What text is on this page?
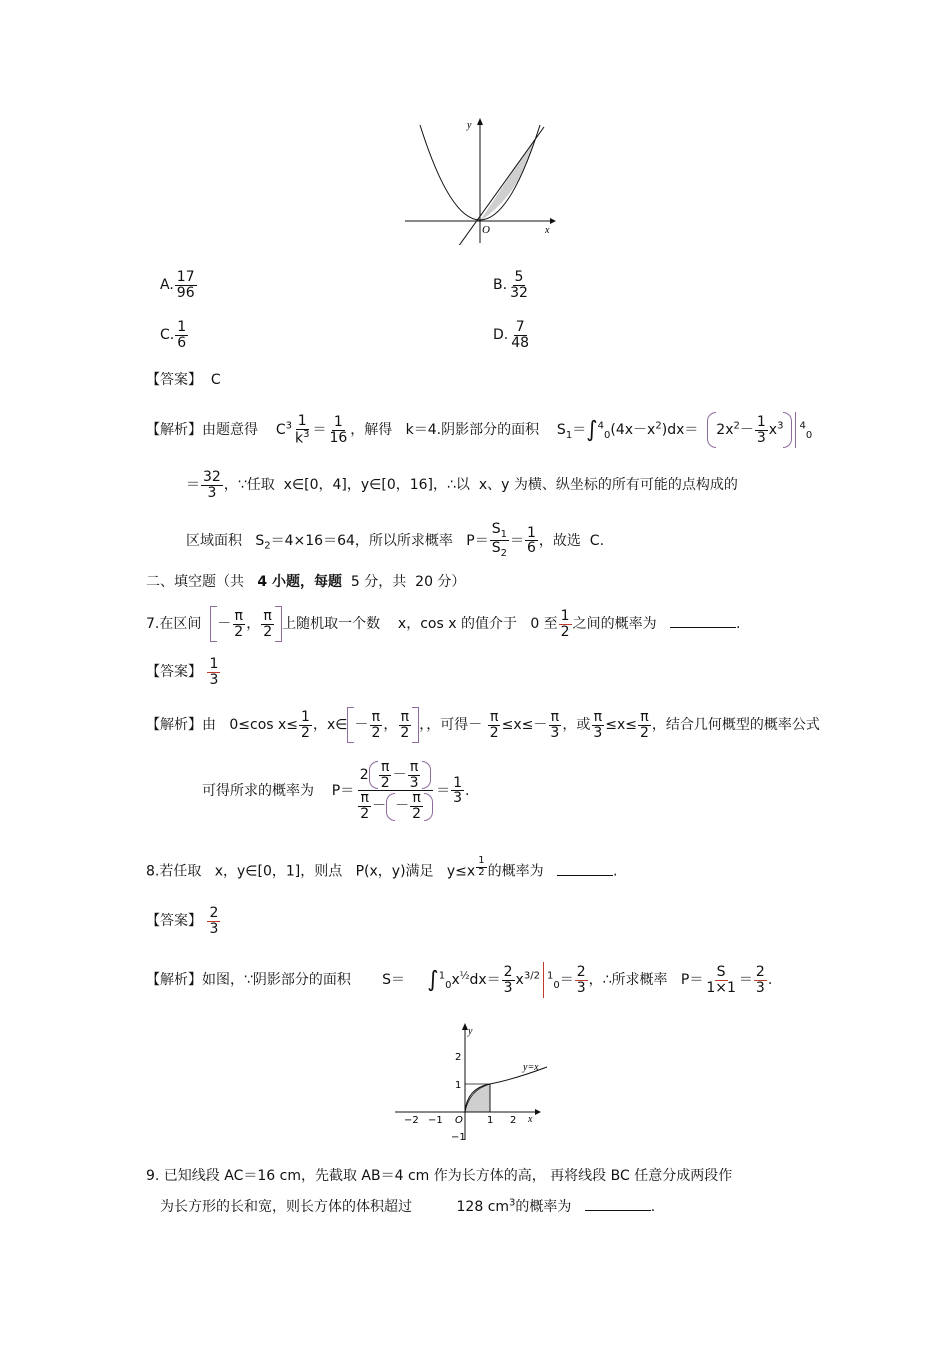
y
x
O
A. $\frac{17}{96}$	B. $\frac{5}{32}$
C. $\frac{1}{6}$	D. $\frac{7}{48}$
【答案】 C
【解析】由题意得 $C^3 \frac{1}{k^3} = \frac{1}{16}$ ，解得 k＝4.阴影部分的面积 $S_1=\int^4_0(4x-x^2)dx= 2x^2- \frac{1}{3} x^3$ $^4_0$
＝ $\frac{32}{3}$ ，∵任取 x∈[0，4]，y∈[0，16]，∴以 x、y 为横、纵坐标的所有可能的点构成的
区域面积   $S_2=4\times 16=64$，所以所求概率   $P= \frac{S_1}{S_2} = \frac{1}{6}$ ，故选 C.
二、填空题（共 4 小题，每题 5 分，共 20 分）
7.在区间 － $\frac{\pi}{2}$ ， $\frac{\pi}{2}$ 上随机取一个数 x，cos x 的值介于 0 至 $\frac{1}{2}$ 之间的概率为	.
【答案】 $\frac{1}{3}$
【解析】由 0≤cos $x\le \frac{1}{2}$ ，x∈ － $\frac{\pi}{2}$ ， $\frac{\pi}{2}$ ，，可得－ $\frac{\pi}{2} \le x\le- \frac{\pi}{3}$ ，或 $\frac{\pi}{3} \le x\le \frac{\pi}{2}$ ，结合几何概型的概率公式
可得所求的概率为    $P= \frac{2 \frac{\pi}{2} - \frac{\pi}{3}}{\frac{\pi}{2} - - \frac{\pi}{2}} = \frac{1}{3}$ .
8.若任取 x，y∈[0，1]，则点 P(x，y)满足 y≤x $^{\frac{1}{2}}$ 的概率为	.
【答案】 $\frac{2}{3}$
【解析】如图，∵阴影部分的面积 $S= \int^1_0x^{\frac{1}{2}}dx= \frac{2}{3} x^{3/2}$ $^1_0= \frac{2}{3}$ ，∴所求概率 $P= \frac{S}{1\times 1} = \frac{2}{3}$ .
y
x
y=x
−2 −1 O 1 2
2
1
−1
9. 已知线段 AC＝16 cm，先截取 AB＝4 cm 作为长方体的高， 再将线段 BC 任意分成两段作
为长方形的长和宽，则长方体的体积超过	128 $cm^3$的概率为	.
